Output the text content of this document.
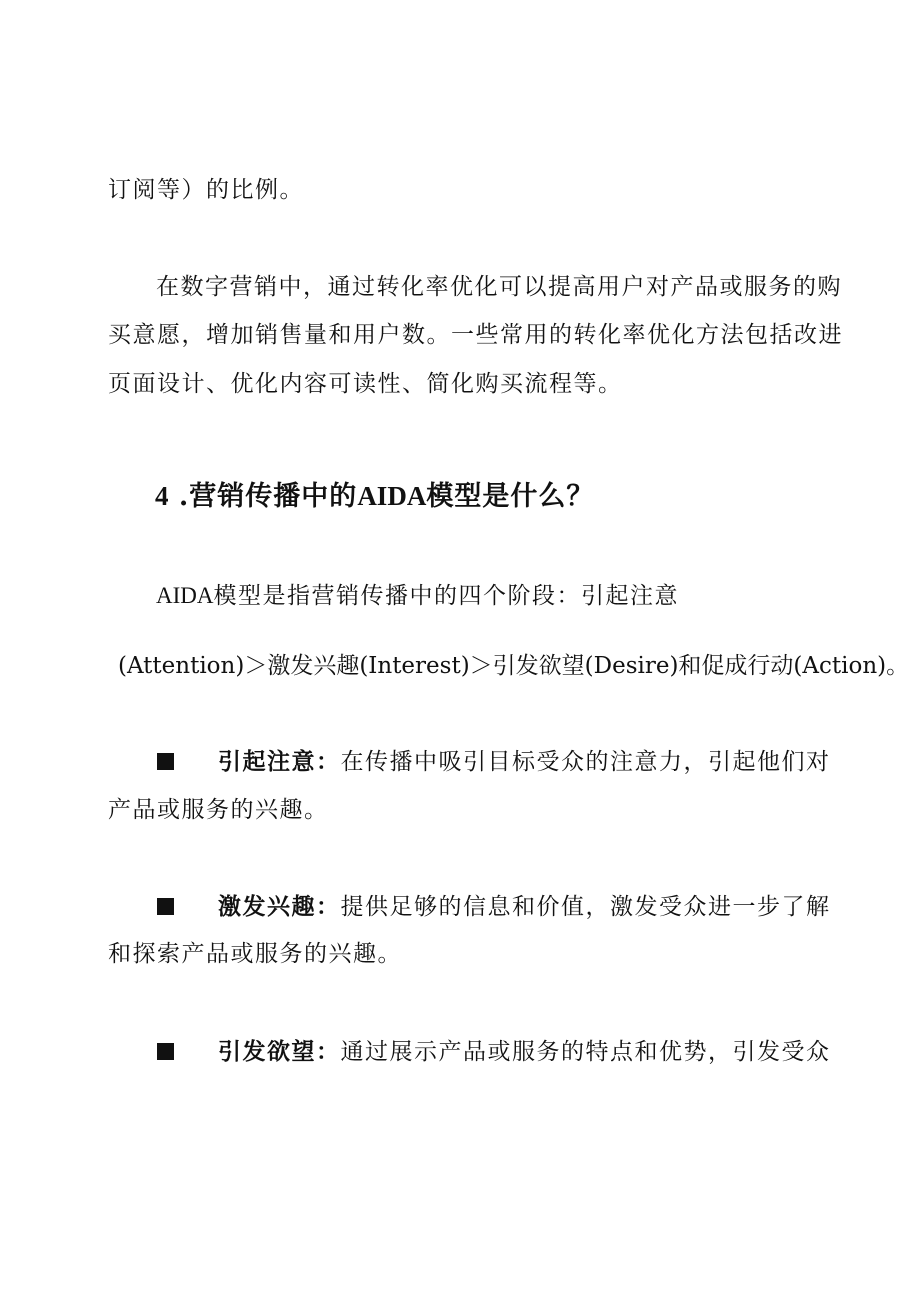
订阅等）的比例。
在数字营销中，通过转化率优化可以提高用户对产品或服务的购
买意愿，增加销售量和用户数。一些常用的转化率优化方法包括改进
页面设计、优化内容可读性、简化购买流程等。
4 .营销传播中的AIDA模型是什么？
AIDA模型是指营销传播中的四个阶段：引起注意
(Attention)＞激发兴趣(Interest)＞引发欲望(Desire)和促成行动(Action)。
引起注意：在传播中吸引目标受众的注意力，引起他们对
产品或服务的兴趣。
激发兴趣：提供足够的信息和价值，激发受众进一步了解
和探索产品或服务的兴趣。
引发欲望：通过展示产品或服务的特点和优势，引发受众
